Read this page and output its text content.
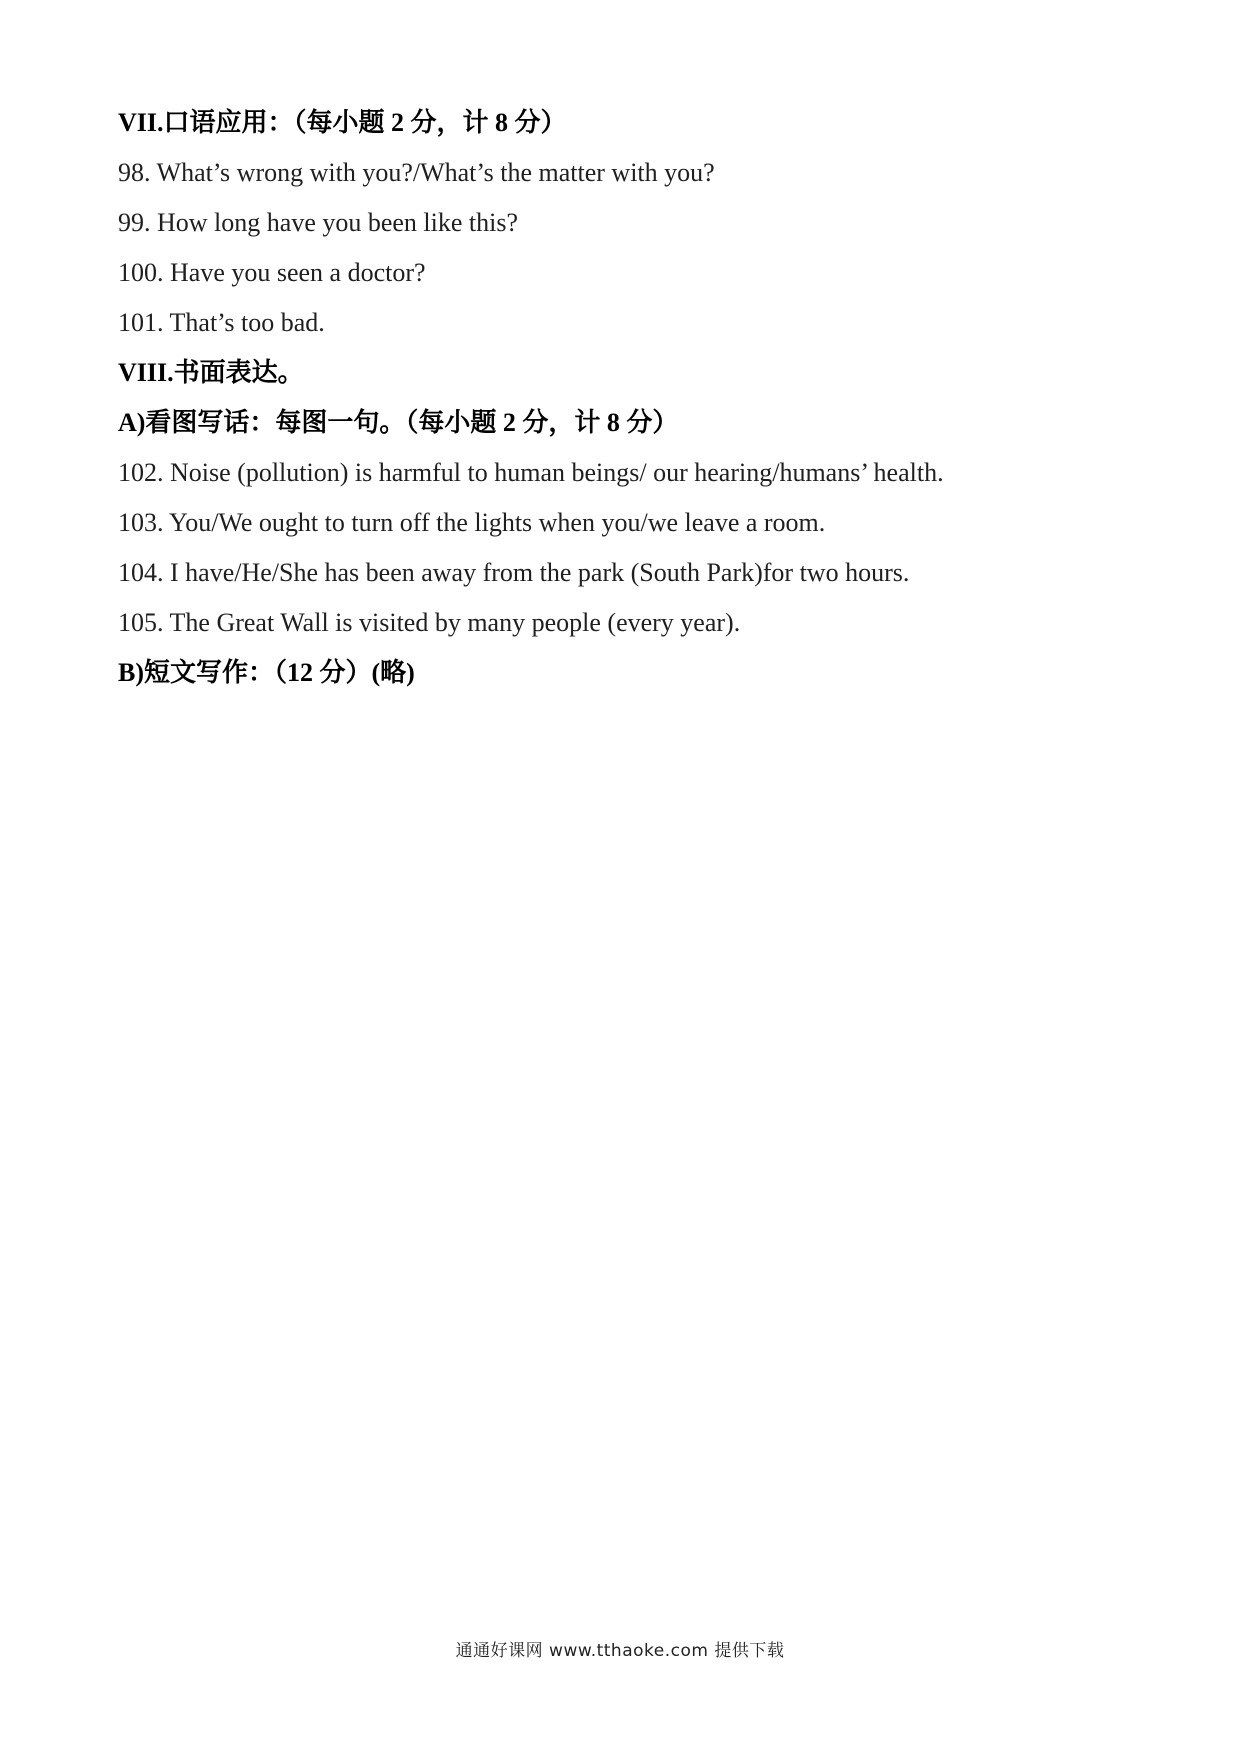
VII.口语应用：（每小题 2 分，计 8 分）
98. What’s wrong with you?/What’s the matter with you?
99. How long have you been like this?
100. Have you seen a doctor?
101. That’s too bad.
VIII.书面表达。
A)看图写话：每图一句。（每小题 2 分，计 8 分）
102. Noise (pollution) is harmful to human beings/ our hearing/humans’ health.
103. You/We ought to turn off the lights when you/we leave a room.
104. I have/He/She has been away from the park (South Park)for two hours.
105. The Great Wall is visited by many people (every year).
B)短文写作：（12 分）(略)
通通好课网 www.tthaoke.com 提供下载
